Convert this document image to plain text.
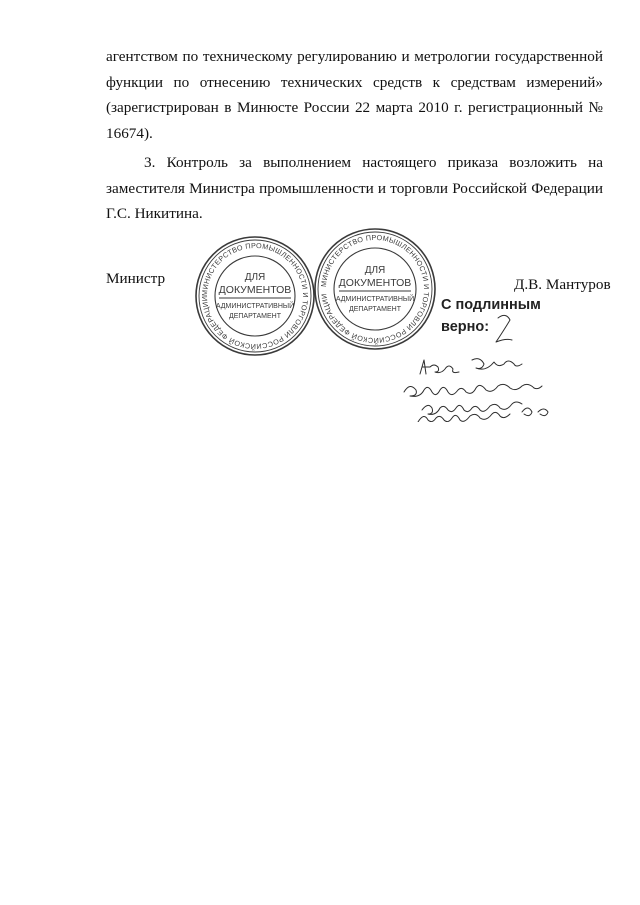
агентством по техническому регулированию и метрологии государственной
функции по отнесению технических средств к средствам измерений»
(зарегистрирован в Минюсте России 22 марта 2010 г. регистрационный №
16674).

3. Контроль за выполнением настоящего приказа возложить на
заместителя Министра промышленности и торговли Российской Федерации
Г.С. Никитина.

Министр	Д.В. Мантуров
МИНИСТЕРСТВО ПРОМЫШЛЕННОСТИ И ТОРГОВЛИ РОССИЙСКОЙ ФЕДЕРАЦИИ
ДЛЯ
ДОКУМЕНТОВ
АДМИНИСТРАТИВНЫЙ
ДЕПАРТАМЕНТ
МИНИСТЕРСТВО ПРОМЫШЛЕННОСТИ И ТОРГОВЛИ РОССИЙСКОЙ ФЕДЕРАЦИИ
ДЛЯ
ДОКУМЕНТОВ
АДМИНИСТРАТИВНЫЙ
ДЕПАРТАМЕНТ	С подлинным
верно:
